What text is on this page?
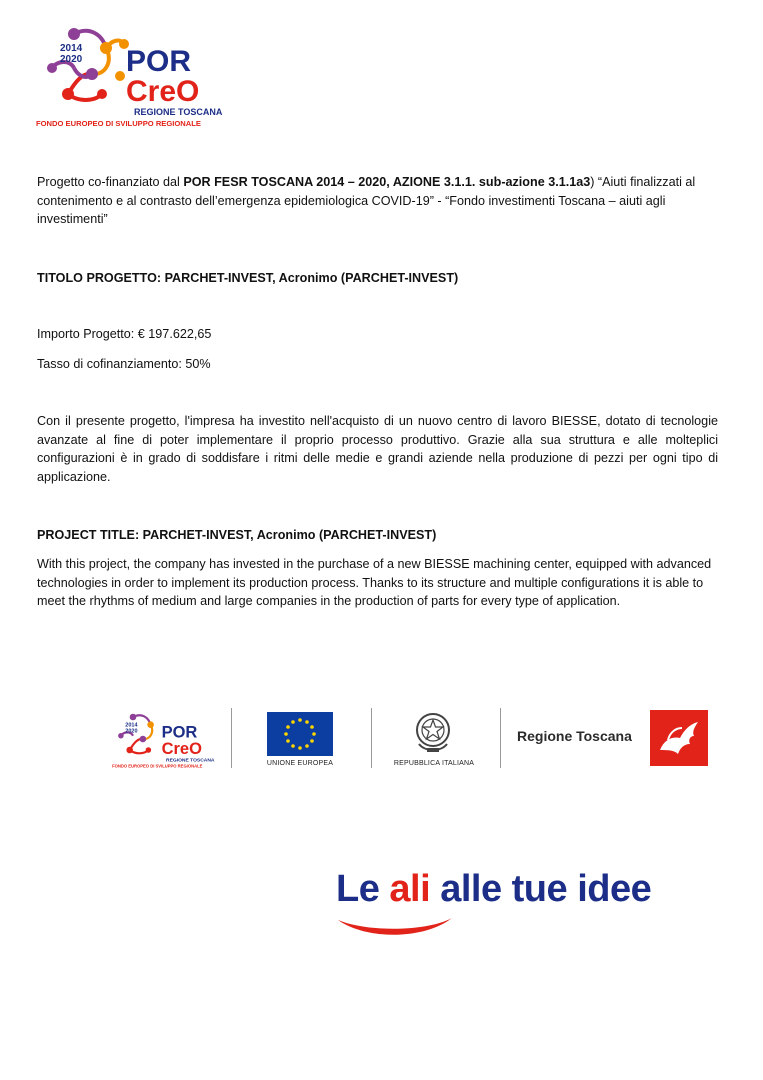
2014
2020 POR
CreO
REGIONE TOSCANA
FONDO EUROPEO DI SVILUPPO REGIONALE
Progetto co-finanziato dal POR FESR TOSCANA 2014 – 2020, AZIONE 3.1.1. sub-azione 3.1.1a3) “Aiuti finalizzati al contenimento e al contrasto dell’emergenza epidemiologica COVID-19” - “Fondo investimenti Toscana – aiuti agli investimenti”
TITOLO PROGETTO: PARCHET-INVEST, Acronimo (PARCHET-INVEST)
Importo Progetto: € 197.622,65
Tasso di cofinanziamento: 50%
Con il presente progetto, l'impresa ha investito nell'acquisto di un nuovo centro di lavoro BIESSE, dotato di tecnologie avanzate al fine di poter implementare il proprio processo produttivo. Grazie alla sua struttura e alle molteplici configurazioni è in grado di soddisfare i ritmi delle medie e grandi aziende nella produzione di pezzi per ogni tipo di applicazione.
PROJECT TITLE: PARCHET-INVEST, Acronimo (PARCHET-INVEST)
With this project, the company has invested in the purchase of a new BIESSE machining center, equipped with advanced technologies in order to implement its production process. Thanks to its structure and multiple configurations it is able to meet the rhythms of medium and large companies in the production of parts for every type of application.
2014
2020 POR
CreO
REGIONE TOSCANA
FONDO EUROPEO DI SVILUPPO REGIONALE	UNIONE EUROPEA	REPUBBLICA ITALIANA
Regione Toscana
Le ali alle tue idee
